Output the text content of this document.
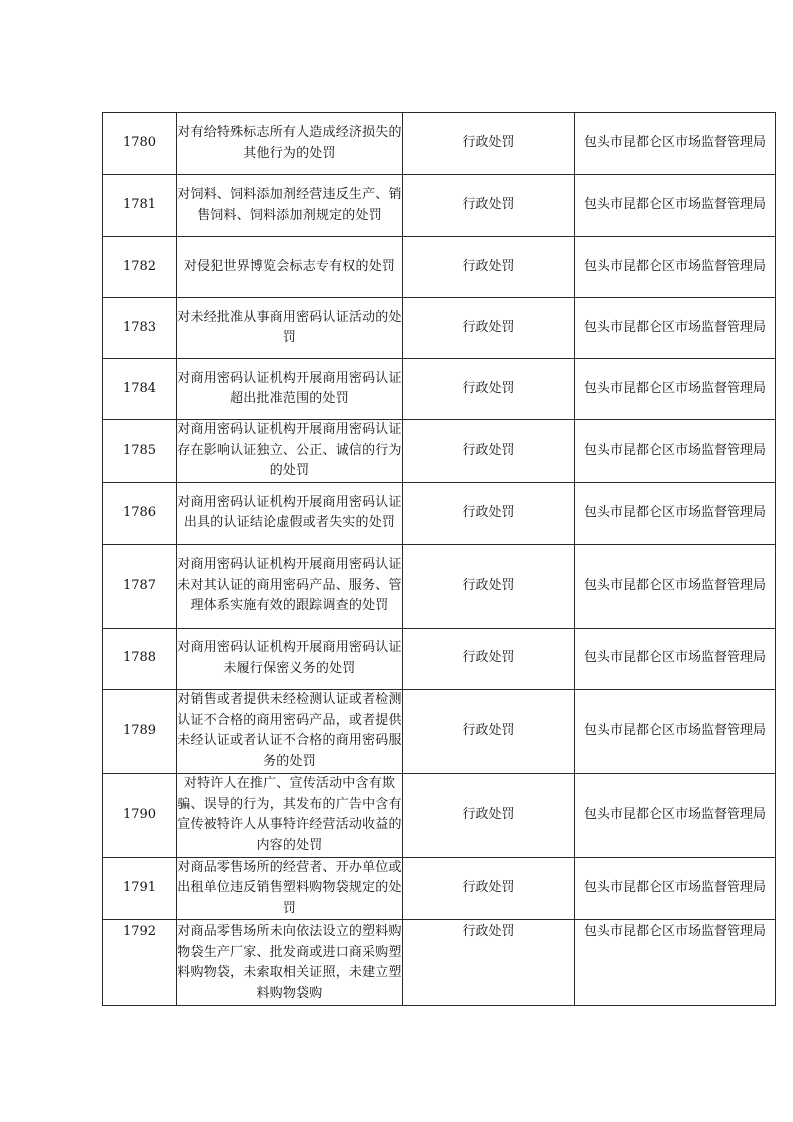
1780	对有给特殊标志所有人造成经济损失的其他行为的处罚	行政处罚	包头市昆都仑区市场监督管理局
1781	对饲料、饲料添加剂经营违反生产、销售饲料、饲料添加剂规定的处罚	行政处罚	包头市昆都仑区市场监督管理局
1782	对侵犯世界博览会标志专有权的处罚	行政处罚	包头市昆都仑区市场监督管理局
1783	对未经批准从事商用密码认证活动的处罚	行政处罚	包头市昆都仑区市场监督管理局
1784	对商用密码认证机构开展商用密码认证超出批准范围的处罚	行政处罚	包头市昆都仑区市场监督管理局
1785	对商用密码认证机构开展商用密码认证存在影响认证独立、公正、诚信的行为的处罚	行政处罚	包头市昆都仑区市场监督管理局
1786	对商用密码认证机构开展商用密码认证出具的认证结论虚假或者失实的处罚	行政处罚	包头市昆都仑区市场监督管理局
1787	对商用密码认证机构开展商用密码认证未对其认证的商用密码产品、服务、管理体系实施有效的跟踪调查的处罚	行政处罚	包头市昆都仑区市场监督管理局
1788	对商用密码认证机构开展商用密码认证未履行保密义务的处罚	行政处罚	包头市昆都仑区市场监督管理局
1789	对销售或者提供未经检测认证或者检测认证不合格的商用密码产品，或者提供未经认证或者认证不合格的商用密码服务的处罚	行政处罚	包头市昆都仑区市场监督管理局
1790	对特许人在推广、宣传活动中含有欺骗、误导的行为，其发布的广告中含有宣传被特许人从事特许经营活动收益的内容的处罚	行政处罚	包头市昆都仑区市场监督管理局
1791	对商品零售场所的经营者、开办单位或出租单位违反销售塑料购物袋规定的处罚	行政处罚	包头市昆都仑区市场监督管理局
1792	对商品零售场所未向依法设立的塑料购物袋生产厂家、批发商或进口商采购塑料购物袋，未索取相关证照，未建立塑料购物袋购	行政处罚	包头市昆都仑区市场监督管理局
